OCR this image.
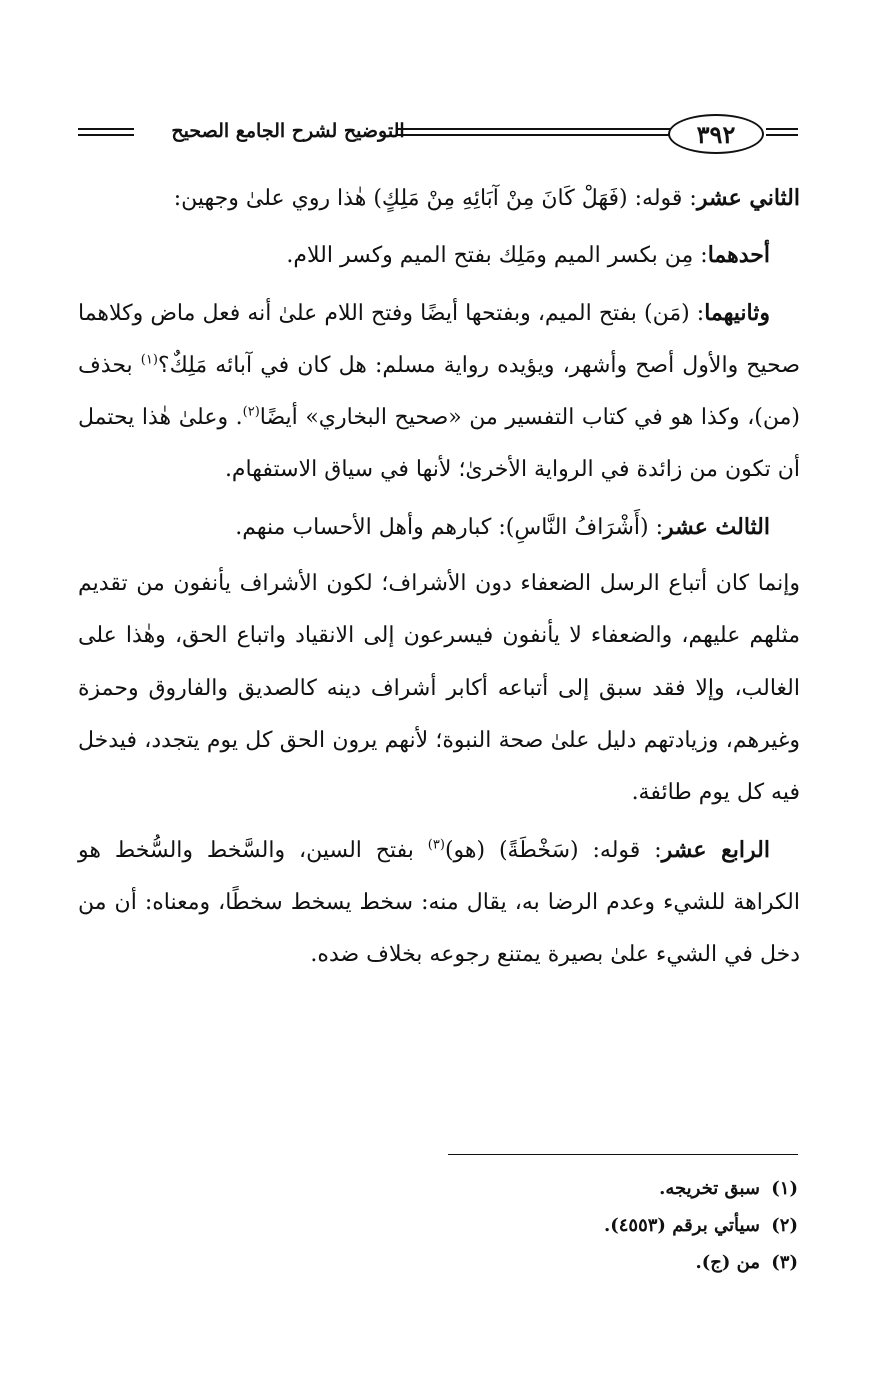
التوضيح لشرح الجامع الصحيح	٣٩٢

الثاني عشر: قوله: (فَهَلْ كَانَ مِنْ آبَائِهِ مِنْ مَلِكٍ) هٰذا روي علىٰ وجهين:

أحدهما: مِن بكسر الميم ومَلِك بفتح الميم وكسر اللام.

وثانيهما: (مَن) بفتح الميم، وبفتحها أيضًا وفتح اللام علىٰ أنه فعل ماض وكلاهما صحيح والأول أصح وأشهر، ويؤيده رواية مسلم: هل كان في آبائه مَلِكٌ؟$^{(١)}$ بحذف (من)، وكذا هو في كتاب التفسير من «صحيح البخاري» أيضًا$^{(٢)}$. وعلىٰ هٰذا يحتمل أن تكون من زائدة في الرواية الأخرىٰ؛ لأنها في سياق الاستفهام.

الثالث عشر: (أَشْرَافُ النَّاسِ): كبارهم وأهل الأحساب منهم.

وإنما كان أتباع الرسل الضعفاء دون الأشراف؛ لكون الأشراف يأنفون من تقديم مثلهم عليهم، والضعفاء لا يأنفون فيسرعون إلى الانقياد واتباع الحق، وهٰذا على الغالب، وإلا فقد سبق إلى أتباعه أكابر أشراف دينه كالصديق والفاروق وحمزة وغيرهم، وزيادتهم دليل علىٰ صحة النبوة؛ لأنهم يرون الحق كل يوم يتجدد، فيدخل فيه كل يوم طائفة.

الرابع عشر: قوله: (سَخْطَةً) (هو)$^{(٣)}$ بفتح السين، والسَّخط والسُّخط هو الكراهة للشيء وعدم الرضا به، يقال منه: سخط يسخط سخطًا، ومعناه: أن من دخل في الشيء علىٰ بصيرة يمتنع رجوعه بخلاف ضده.

(١)سبق تخريجه.
(٢)سيأتي برقم (٤٥٥٣).
(٣)من (ج).
